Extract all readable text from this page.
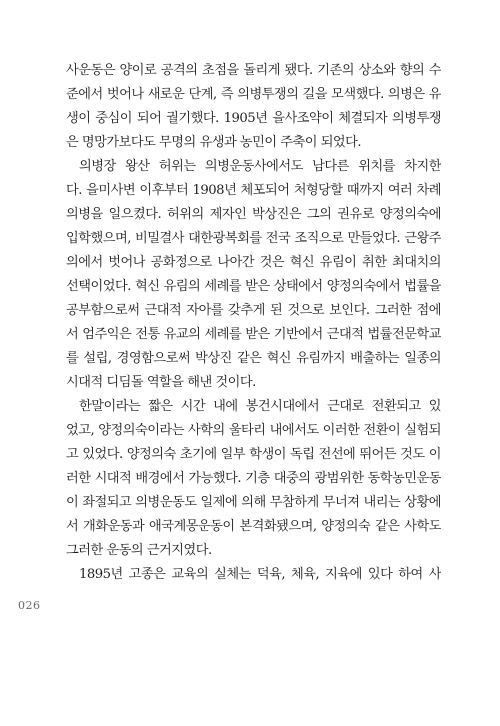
사운동은 양이로 공격의 초점을 돌리게 됐다. 기존의 상소와 향의 수
준에서 벗어나 새로운 단계, 즉 의병투쟁의 길을 모색했다. 의병은 유
생이 중심이 되어 궐기했다. 1905년 을사조약이 체결되자 의병투쟁
은 명망가보다도 무명의 유생과 농민이 주축이 되었다.
의병장 왕산 허위는 의병운동사에서도 남다른 위치를 차지한
다. 을미사변 이후부터 1908년 체포되어 처형당할 때까지 여러 차례
의병을 일으켰다. 허위의 제자인 박상진은 그의 권유로 양정의숙에
입학했으며, 비밀결사 대한광복회를 전국 조직으로 만들었다. 근왕주
의에서 벗어나 공화정으로 나아간 것은 혁신 유림이 취한 최대치의
선택이었다. 혁신 유림의 세례를 받은 상태에서 양정의숙에서 법률을
공부함으로써 근대적 자아를 갖추게 된 것으로 보인다. 그러한 점에
서 엄주익은 전통 유교의 세례를 받은 기반에서 근대적 법률전문학교
를 설립, 경영함으로써 박상진 같은 혁신 유림까지 배출하는 일종의
시대적 디딤돌 역할을 해낸 것이다.
한말이라는 짧은 시간 내에 봉건시대에서 근대로 전환되고 있
었고, 양정의숙이라는 사학의 울타리 내에서도 이러한 전환이 실험되
고 있었다. 양정의숙 초기에 일부 학생이 독립 전선에 뛰어든 것도 이
러한 시대적 배경에서 가능했다. 기층 대중의 광범위한 동학농민운동
이 좌절되고 의병운동도 일제에 의해 무참하게 무너져 내리는 상황에
서 개화운동과 애국계몽운동이 본격화됐으며, 양정의숙 같은 사학도
그러한 운동의 근거지였다.
1895년 고종은 교육의 실체는 덕육, 체육, 지육에 있다 하여 사
026
